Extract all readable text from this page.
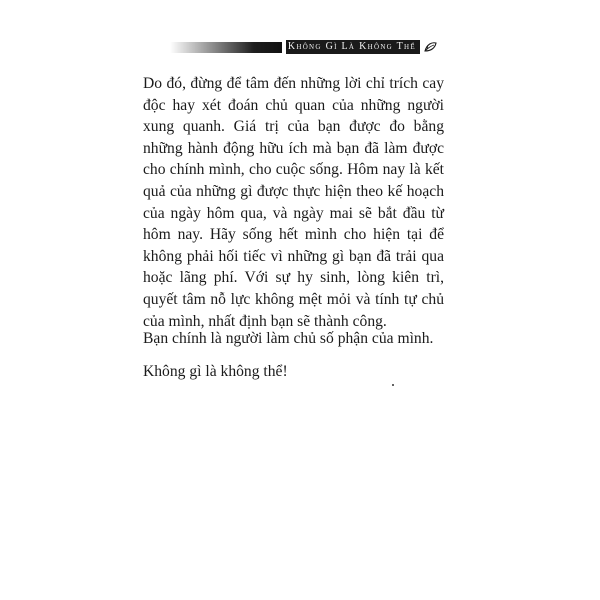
Không Gì Là Không Thể

Do đó, đừng để tâm đến những lời chỉ trích cay độc hay xét đoán chủ quan của những người xung quanh. Giá trị của bạn được đo bằng những hành động hữu ích mà bạn đã làm được cho chính mình, cho cuộc sống. Hôm nay là kết quả của những gì được thực hiện theo kế hoạch của ngày hôm qua, và ngày mai sẽ bắt đầu từ hôm nay. Hãy sống hết mình cho hiện tại để không phải hối tiếc vì những gì bạn đã trải qua hoặc lãng phí. Với sự hy sinh, lòng kiên trì, quyết tâm nỗ lực không mệt mỏi và tính tự chủ của mình, nhất định bạn sẽ thành công.

Bạn chính là người làm chủ số phận của mình.

Không gì là không thể!
